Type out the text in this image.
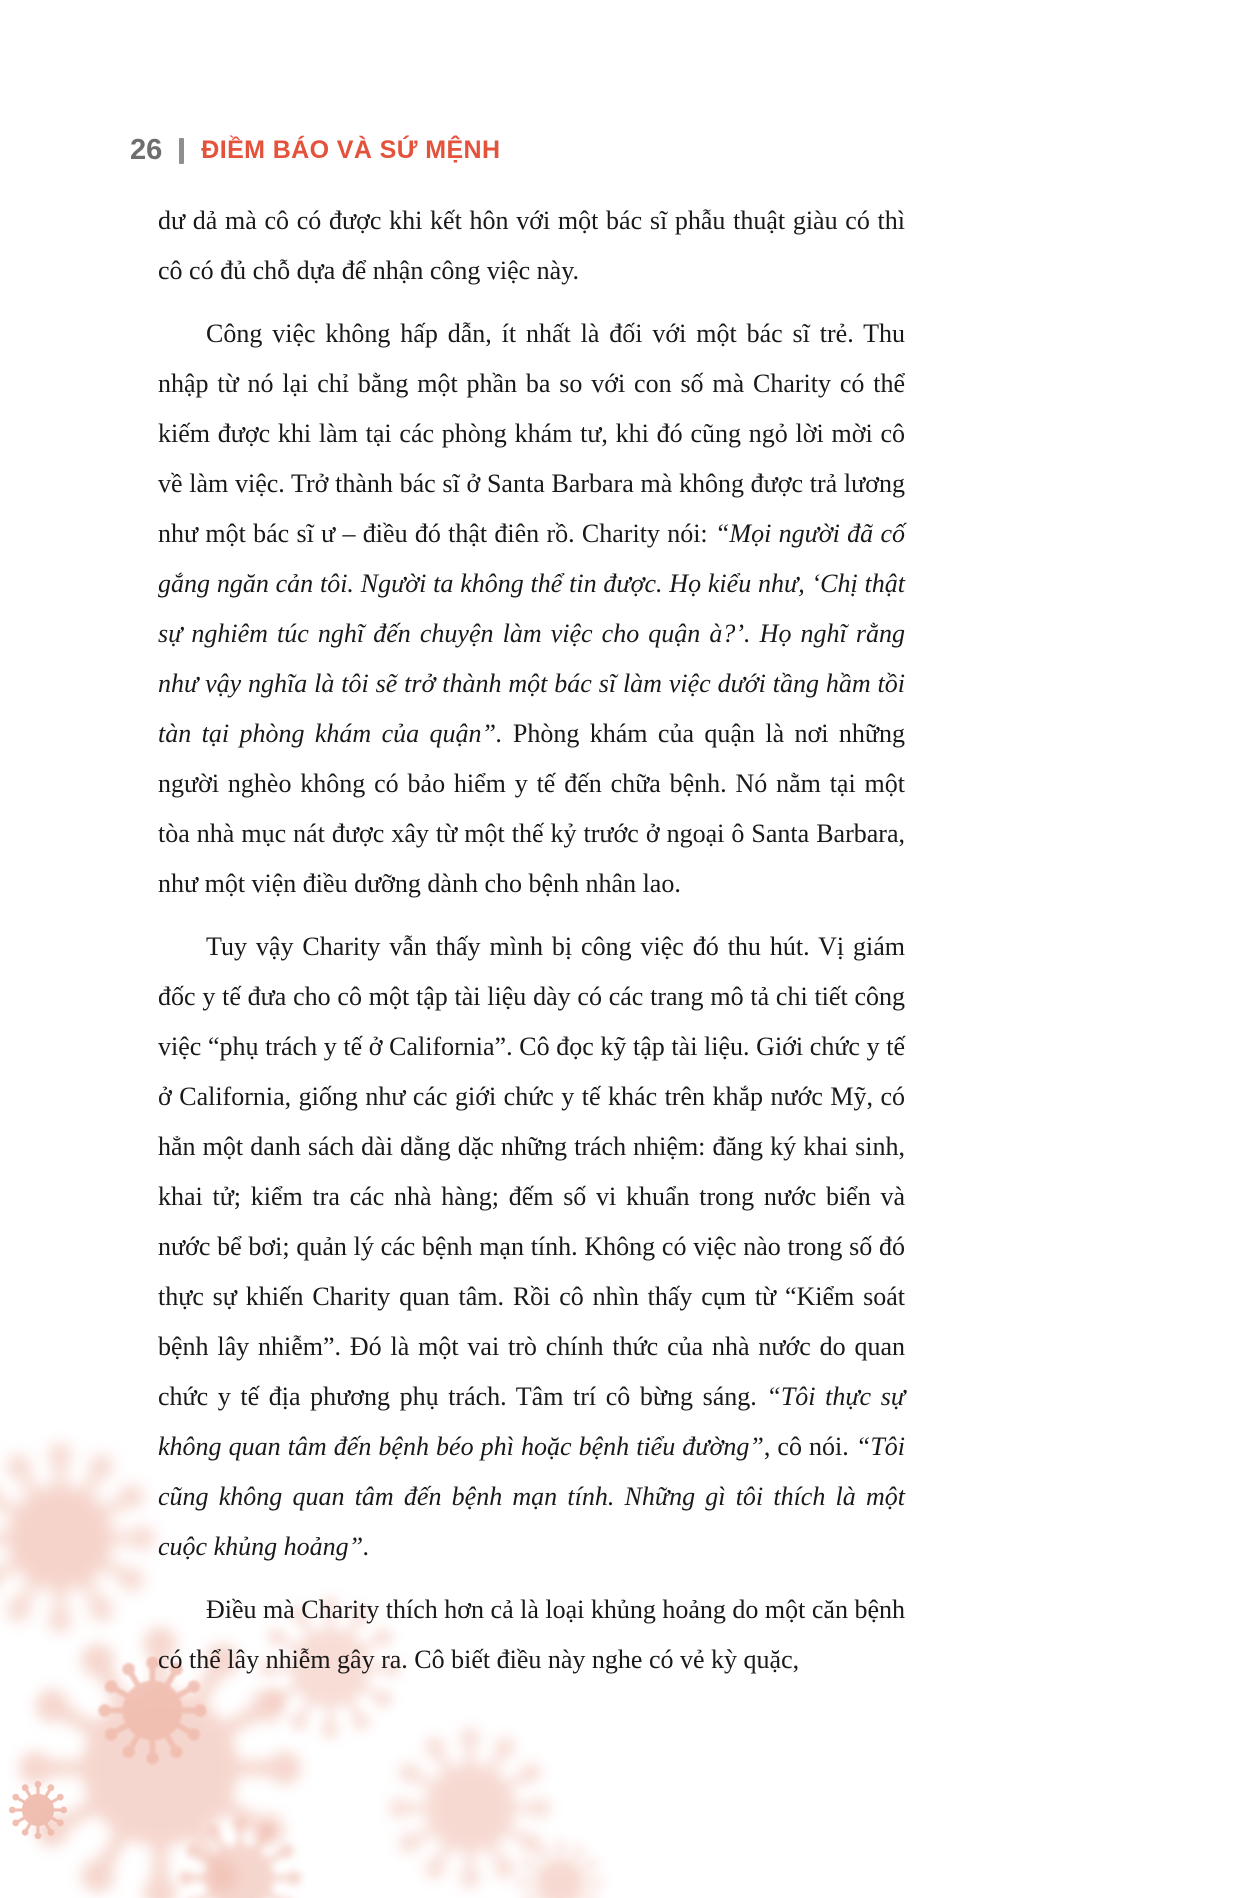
26 ĐIỀM BÁO VÀ SỨ MỆNH

dư dả mà cô có được khi kết hôn với một bác sĩ phẫu thuật giàu có thì cô có đủ chỗ dựa để nhận công việc này.

Công việc không hấp dẫn, ít nhất là đối với một bác sĩ trẻ. Thu nhập từ nó lại chỉ bằng một phần ba so với con số mà Charity có thể kiếm được khi làm tại các phòng khám tư, khi đó cũng ngỏ lời mời cô về làm việc. Trở thành bác sĩ ở Santa Barbara mà không được trả lương như một bác sĩ ư – điều đó thật điên rồ. Charity nói: “Mọi người đã cố gắng ngăn cản tôi. Người ta không thể tin được. Họ kiểu như, ‘Chị thật sự nghiêm túc nghĩ đến chuyện làm việc cho quận à?’. Họ nghĩ rằng như vậy nghĩa là tôi sẽ trở thành một bác sĩ làm việc dưới tầng hầm tồi tàn tại phòng khám của quận”. Phòng khám của quận là nơi những người nghèo không có bảo hiểm y tế đến chữa bệnh. Nó nằm tại một tòa nhà mục nát được xây từ một thế kỷ trước ở ngoại ô Santa Barbara, như một viện điều dưỡng dành cho bệnh nhân lao.

Tuy vậy Charity vẫn thấy mình bị công việc đó thu hút. Vị giám đốc y tế đưa cho cô một tập tài liệu dày có các trang mô tả chi tiết công việc “phụ trách y tế ở California”. Cô đọc kỹ tập tài liệu. Giới chức y tế ở California, giống như các giới chức y tế khác trên khắp nước Mỹ, có hẳn một danh sách dài dằng dặc những trách nhiệm: đăng ký khai sinh, khai tử; kiểm tra các nhà hàng; đếm số vi khuẩn trong nước biển và nước bể bơi; quản lý các bệnh mạn tính. Không có việc nào trong số đó thực sự khiến Charity quan tâm. Rồi cô nhìn thấy cụm từ “Kiểm soát bệnh lây nhiễm”. Đó là một vai trò chính thức của nhà nước do quan chức y tế địa phương phụ trách. Tâm trí cô bừng sáng. “Tôi thực sự không quan tâm đến bệnh béo phì hoặc bệnh tiểu đường”, cô nói. “Tôi cũng không quan tâm đến bệnh mạn tính. Những gì tôi thích là một cuộc khủng hoảng”.

Điều mà Charity thích hơn cả là loại khủng hoảng do một căn bệnh có thể lây nhiễm gây ra. Cô biết điều này nghe có vẻ kỳ quặc,
